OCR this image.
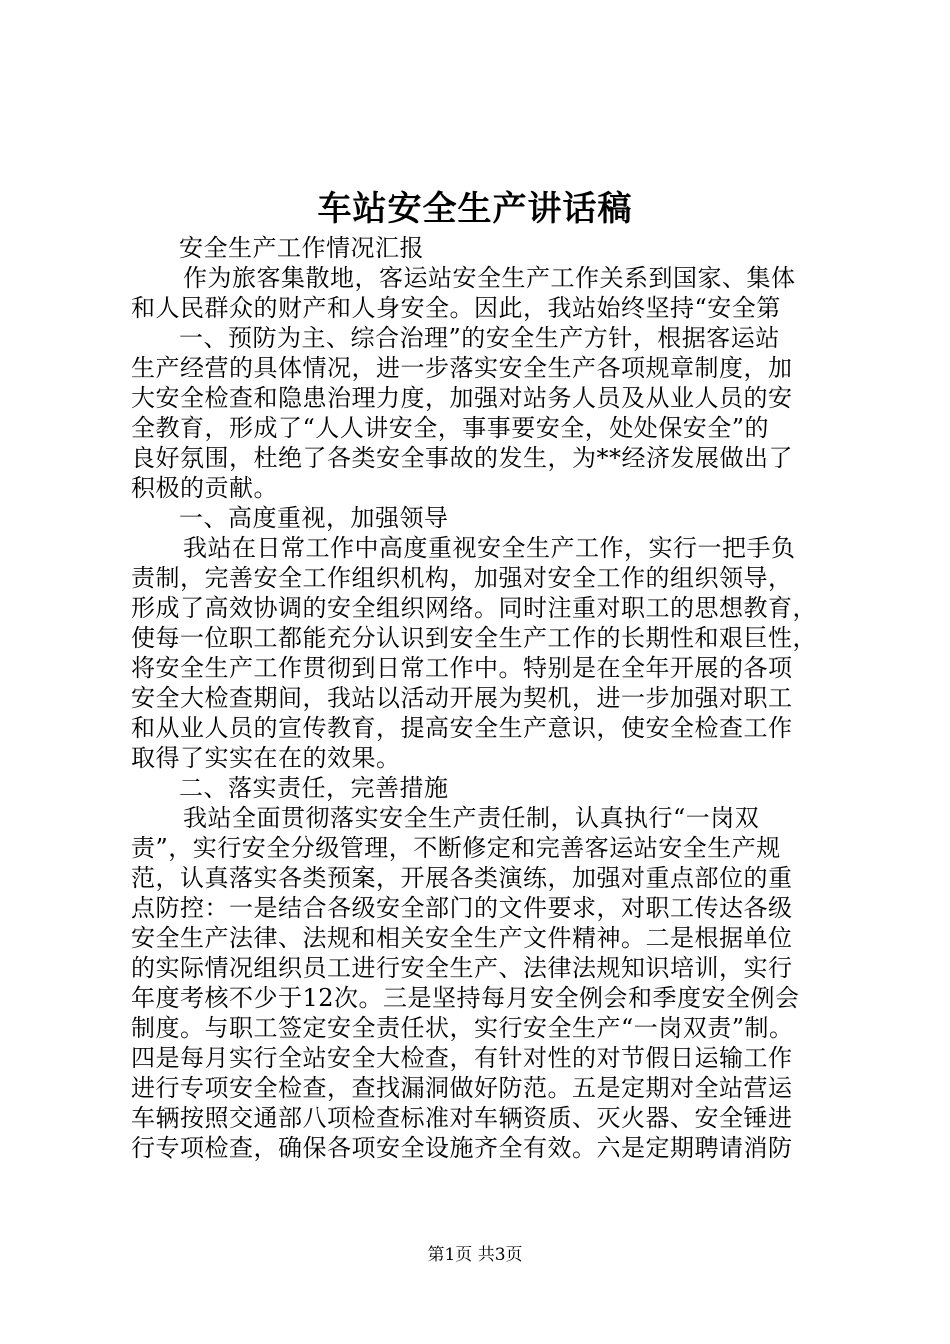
车站安全生产讲话稿
安全生产工作情况汇报
作为旅客集散地，客运站安全生产工作关系到国家、集体
和人民群众的财产和人身安全。因此，我站始终坚持“安全第
一、预防为主、综合治理”的安全生产方针，根据客运站
生产经营的具体情况，进一步落实安全生产各项规章制度，加
大安全检查和隐患治理力度，加强对站务人员及从业人员的安
全教育，形成了“人人讲安全，事事要安全，处处保安全”的
良好氛围，杜绝了各类安全事故的发生，为**经济发展做出了
积极的贡献。
一、高度重视，加强领导
我站在日常工作中高度重视安全生产工作，实行一把手负
责制，完善安全工作组织机构，加强对安全工作的组织领导，
形成了高效协调的安全组织网络。同时注重对职工的思想教育，
使每一位职工都能充分认识到安全生产工作的长期性和艰巨性，
将安全生产工作贯彻到日常工作中。特别是在全年开展的各项
安全大检查期间，我站以活动开展为契机，进一步加强对职工
和从业人员的宣传教育，提高安全生产意识，使安全检查工作
取得了实实在在的效果。
二、落实责任，完善措施
我站全面贯彻落实安全生产责任制，认真执行“一岗双
责”，实行安全分级管理，不断修定和完善客运站安全生产规
范，认真落实各类预案，开展各类演练，加强对重点部位的重
点防控：一是结合各级安全部门的文件要求，对职工传达各级
安全生产法律、法规和相关安全生产文件精神。二是根据单位
的实际情况组织员工进行安全生产、法律法规知识培训，实行
年度考核不少于12次。三是坚持每月安全例会和季度安全例会
制度。与职工签定安全责任状，实行安全生产“一岗双责”制。
四是每月实行全站安全大检查，有针对性的对节假日运输工作
进行专项安全检查，查找漏洞做好防范。五是定期对全站营运
车辆按照交通部八项检查标准对车辆资质、灭火器、安全锤进
行专项检查，确保各项安全设施齐全有效。六是定期聘请消防
第1页 共3页
